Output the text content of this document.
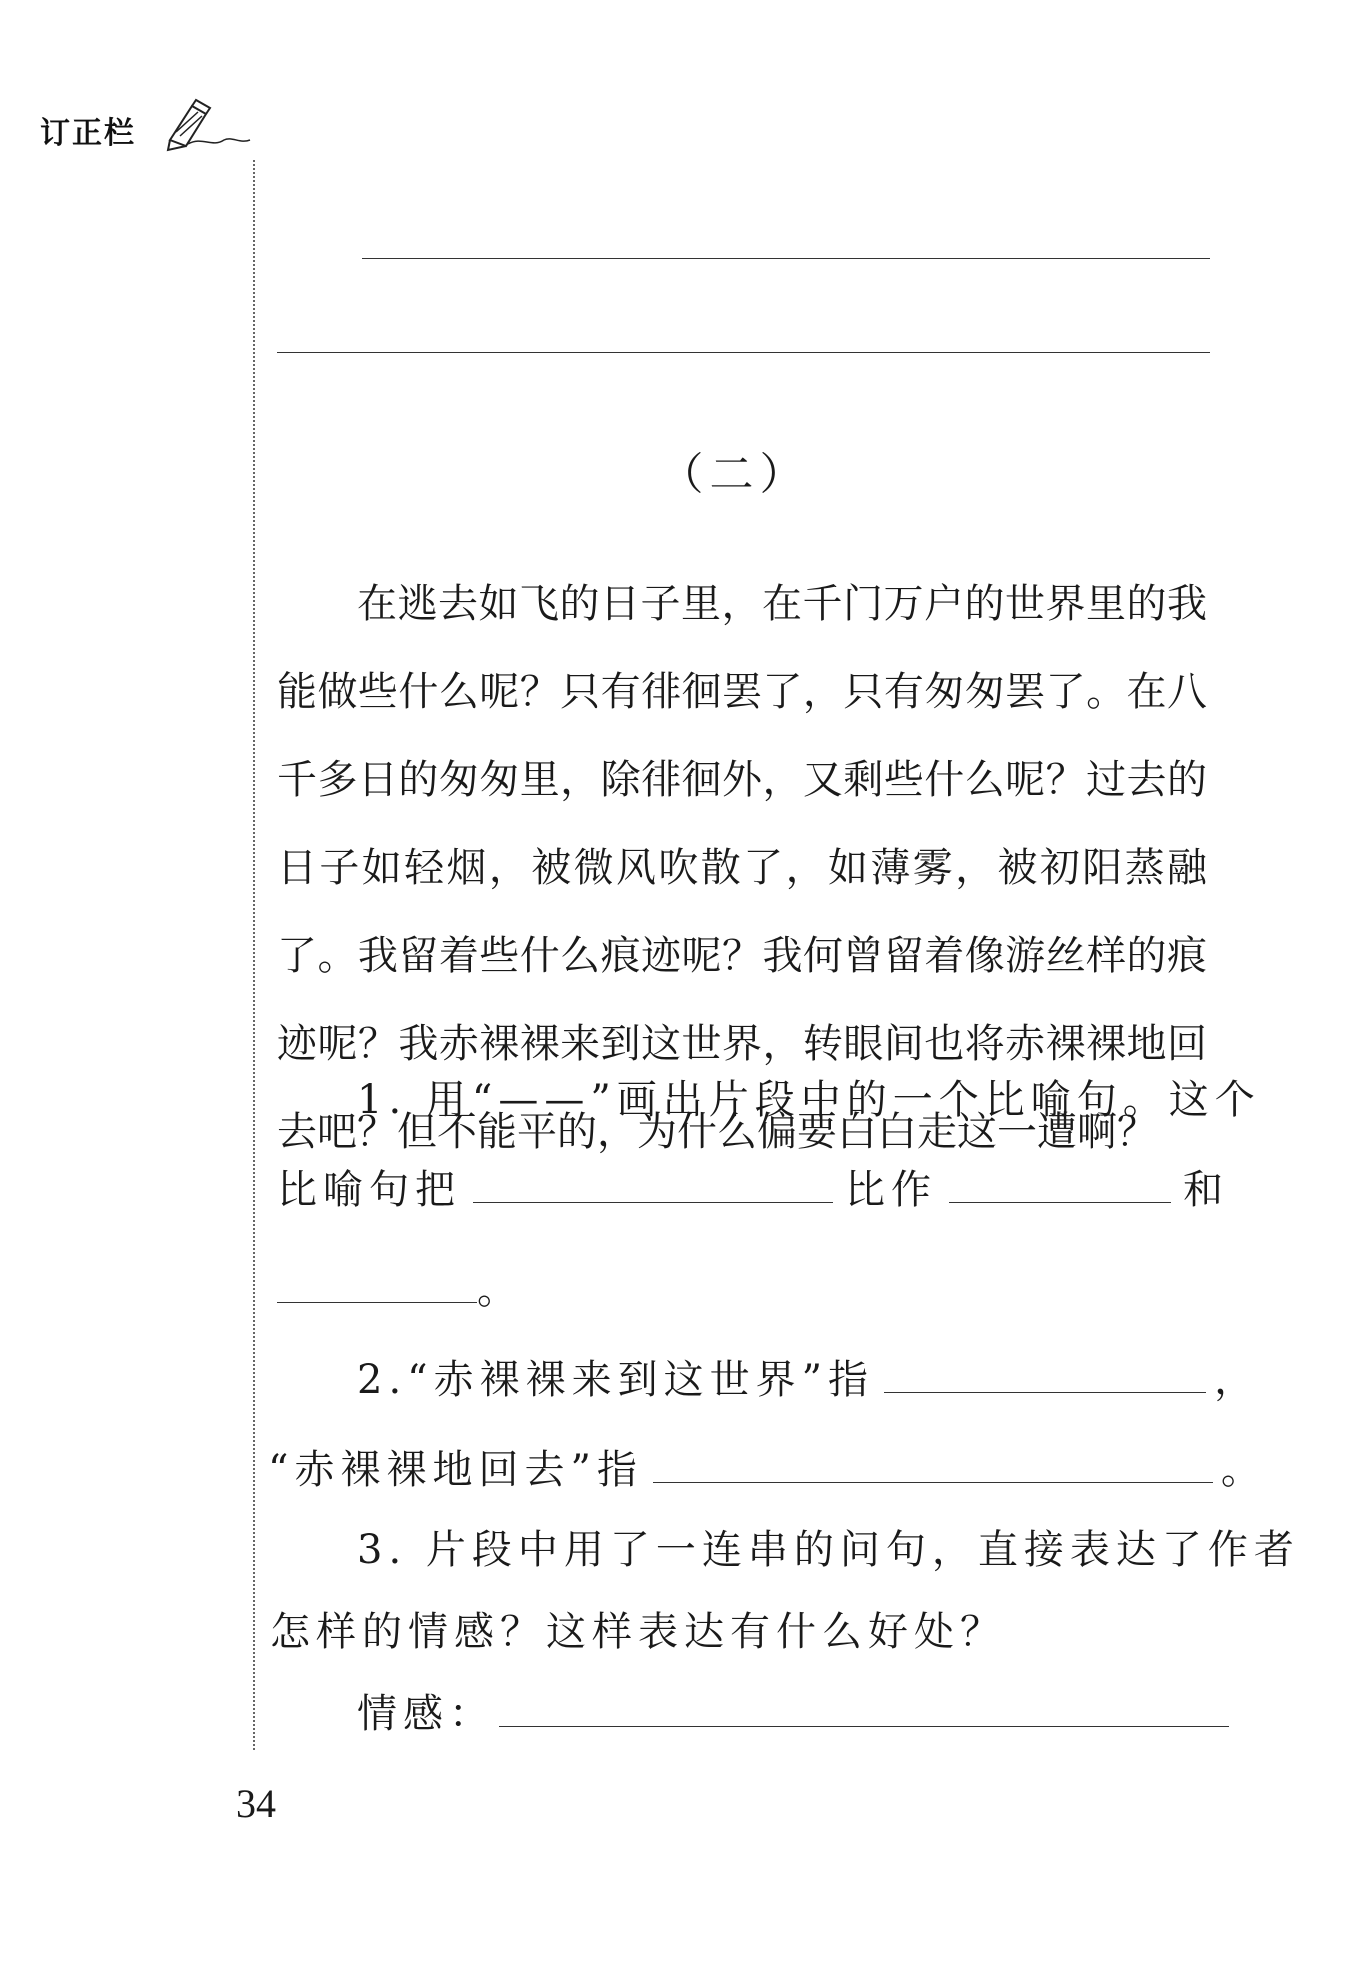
订正栏
（二）

在逃去如飞的日子里，在千门万户的世界里的我能做些什么呢？只有徘徊罢了，只有匆匆罢了。在八千多日的匆匆里，除徘徊外，又剩些什么呢？过去的日子如轻烟，被微风吹散了，如薄雾，被初阳蒸融了。我留着些什么痕迹呢？我何曾留着像游丝样的痕迹呢？我赤裸裸来到这世界，转眼间也将赤裸裸地回去吧？但不能平的，为什么偏要白白走这一遭啊？

1. 用“——”画出片段中的一个比喻句。这个
比喻句把	比作	和
。
2.“赤裸裸来到这世界”指	，
“赤裸裸地回去”指	。
3. 片段中用了一连串的问句，直接表达了作者
怎样的情感？这样表达有什么好处？
情感：
34
